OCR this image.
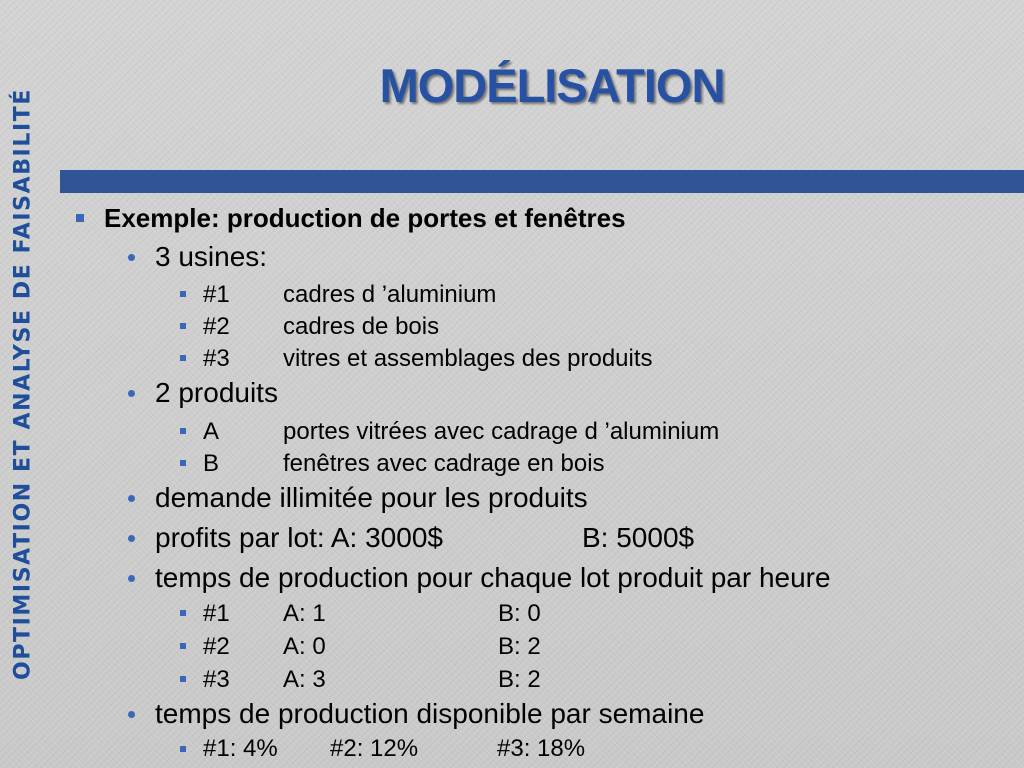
OPTIMISATION ET ANALYSE DE FAISABILITÉ
MODÉLISATION
Exemple: production de portes et fenêtres
3 usines:
#1 cadres d ’aluminium
#2 cadres de bois
#3 vitres et assemblages des produits
2 produits
A	portes vitrées avec cadrage d ’aluminium
B	fenêtres avec cadrage en bois
demande illimitée pour les produits
profits par lot: A: 3000$	B: 5000$
temps de production pour chaque lot produit par heure
#1 A: 1	B: 0
#2 A: 0	B: 2
#3 A: 3	B: 2
temps de production disponible par semaine
#1: 4% #2: 12%	#3: 18%
